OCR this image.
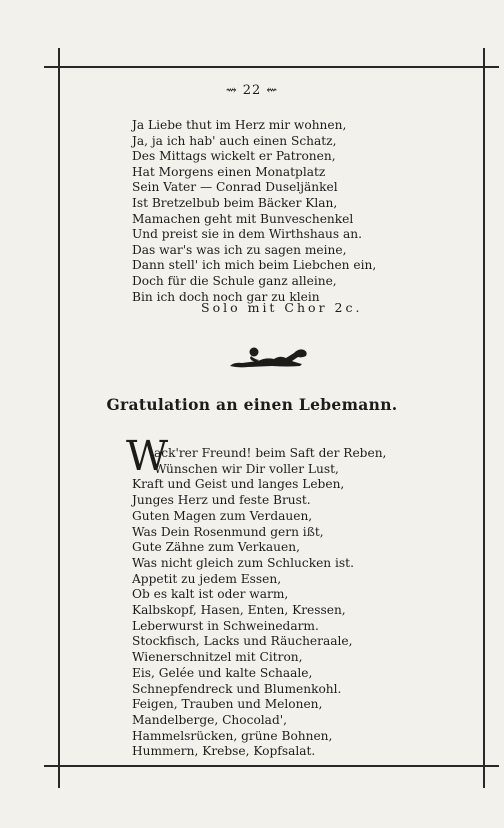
⇝ 22 ⇜
Ja Liebe thut im Herz mir wohnen,
Ja, ja ich hab' auch einen Schatz,
Des Mittags wickelt er Patronen,
Hat Morgens einen Monatplatz
Sein Vater — Conrad Duseljänkel
Ist Bretzelbub beim Bäcker Klan,
Mamachen geht mit Bunveschenkel
Und preist sie in dem Wirthshaus an.
Das war's was ich zu sagen meine,
Dann stell' ich mich beim Liebchen ein,
Doch für die Schule ganz alleine,
Bin ich doch noch gar zu klein
Solo mit Chor 2c.
Gratulation an einen Lebemann.
W
ack'rer Freund! beim Saft der Reben,
Wünschen wir Dir voller Lust,
Kraft und Geist und langes Leben,
Junges Herz und feste Brust.
Guten Magen zum Verdauen,
Was Dein Rosenmund gern ißt,
Gute Zähne zum Verkauen,
Was nicht gleich zum Schlucken ist.
Appetit zu jedem Essen,
Ob es kalt ist oder warm,
Kalbskopf, Hasen, Enten, Kressen,
Leberwurst in Schweinedarm.
Stockfisch, Lacks und Räucheraale,
Wienerschnitzel mit Citron,
Eis, Gelée und kalte Schaale,
Schnepfendreck und Blumenkohl.
Feigen, Trauben und Melonen,
Mandelberge, Chocolad',
Hammelsrücken, grüne Bohnen,
Hummern, Krebse, Kopfsalat.
